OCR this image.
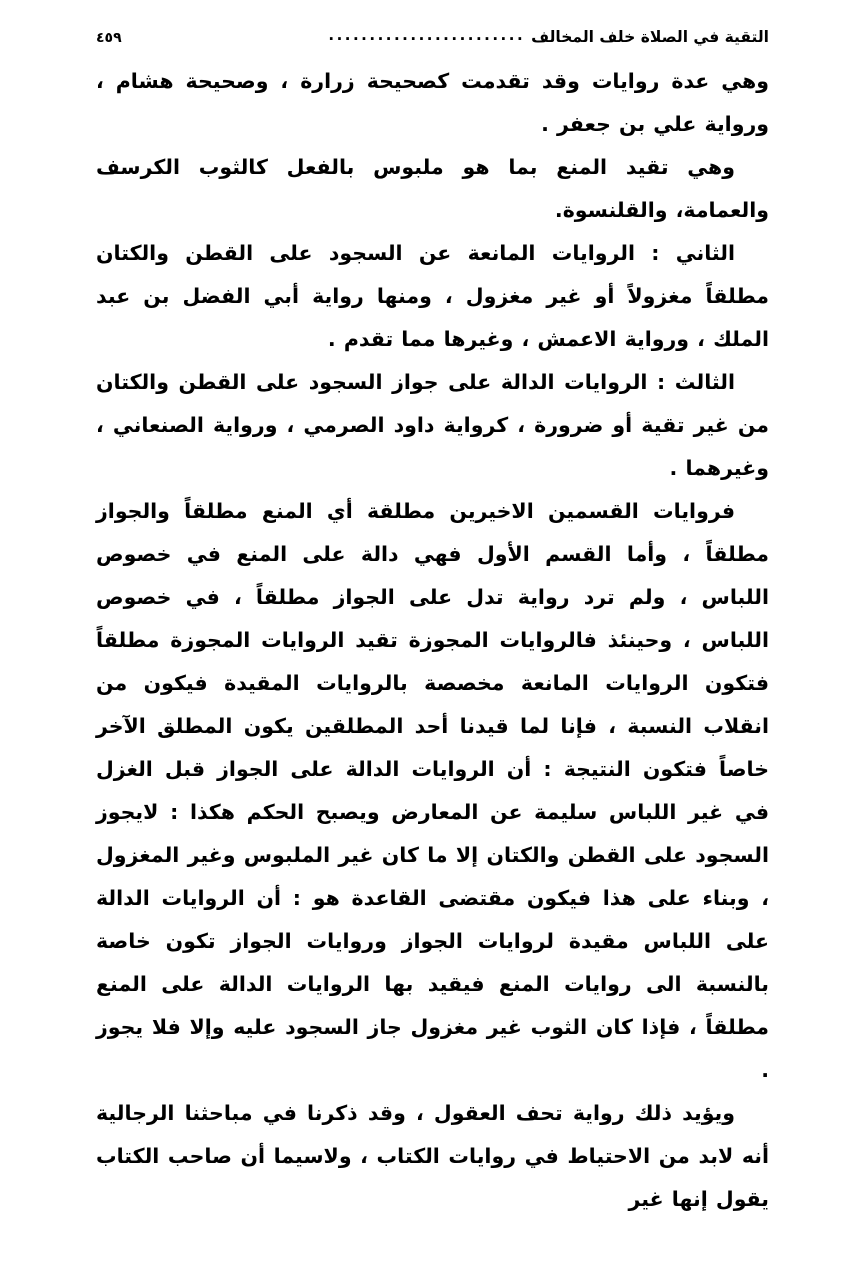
التقية في الصلاة خلف المخالف
........................
٤٥٩

وهي عدة روايات وقد تقدمت كصحيحة زرارة ، وصحيحة هشام ، ورواية علي بن جعفر .

وهي تقيد المنع بما هو ملبوس بالفعل كالثوب الكرسف والعمامة، والقلنسوة.

الثاني : الروايات المانعة عن السجود على القطن والكتان مطلقاً مغزولاً أو غير مغزول ، ومنها رواية أبي الفضل بن عبد الملك ، ورواية الاعمش ، وغيرها مما تقدم .

الثالث : الروايات الدالة على جواز السجود على القطن والكتان من غير تقية أو ضرورة ، كرواية داود الصرمي ، ورواية الصنعاني ، وغيرهما .

فروايات القسمين الاخيرين مطلقة أي المنع مطلقاً والجواز مطلقاً ، وأما القسم الأول فهي دالة على المنع في خصوص اللباس ، ولم ترد رواية تدل على الجواز مطلقاً ، في خصوص اللباس ، وحينئذ فالروايات المجوزة تقيد الروايات المجوزة مطلقاً فتكون الروايات المانعة مخصصة بالروايات المقيدة فيكون من انقلاب النسبة ، فإنا لما قيدنا أحد المطلقين يكون المطلق الآخر خاصاً فتكون النتيجة : أن الروايات الدالة على الجواز قبل الغزل في غير اللباس سليمة عن المعارض ويصبح الحكم هكذا : لايجوز السجود على القطن والكتان إلا ما كان غير الملبوس وغير المغزول ، وبناء على هذا فيكون مقتضى القاعدة هو : أن الروايات الدالة على اللباس مقيدة لروايات الجواز وروايات الجواز تكون خاصة بالنسبة الى روايات المنع فيقيد بها الروايات الدالة على المنع مطلقاً ، فإذا كان الثوب غير مغزول جاز السجود عليه وإلا فلا يجوز .

ويؤيد ذلك رواية تحف العقول ، وقد ذكرنا في مباحثنا الرجالية أنه لابد من الاحتياط في روايات الكتاب ، ولاسيما أن صاحب الكتاب يقول إنها غير
